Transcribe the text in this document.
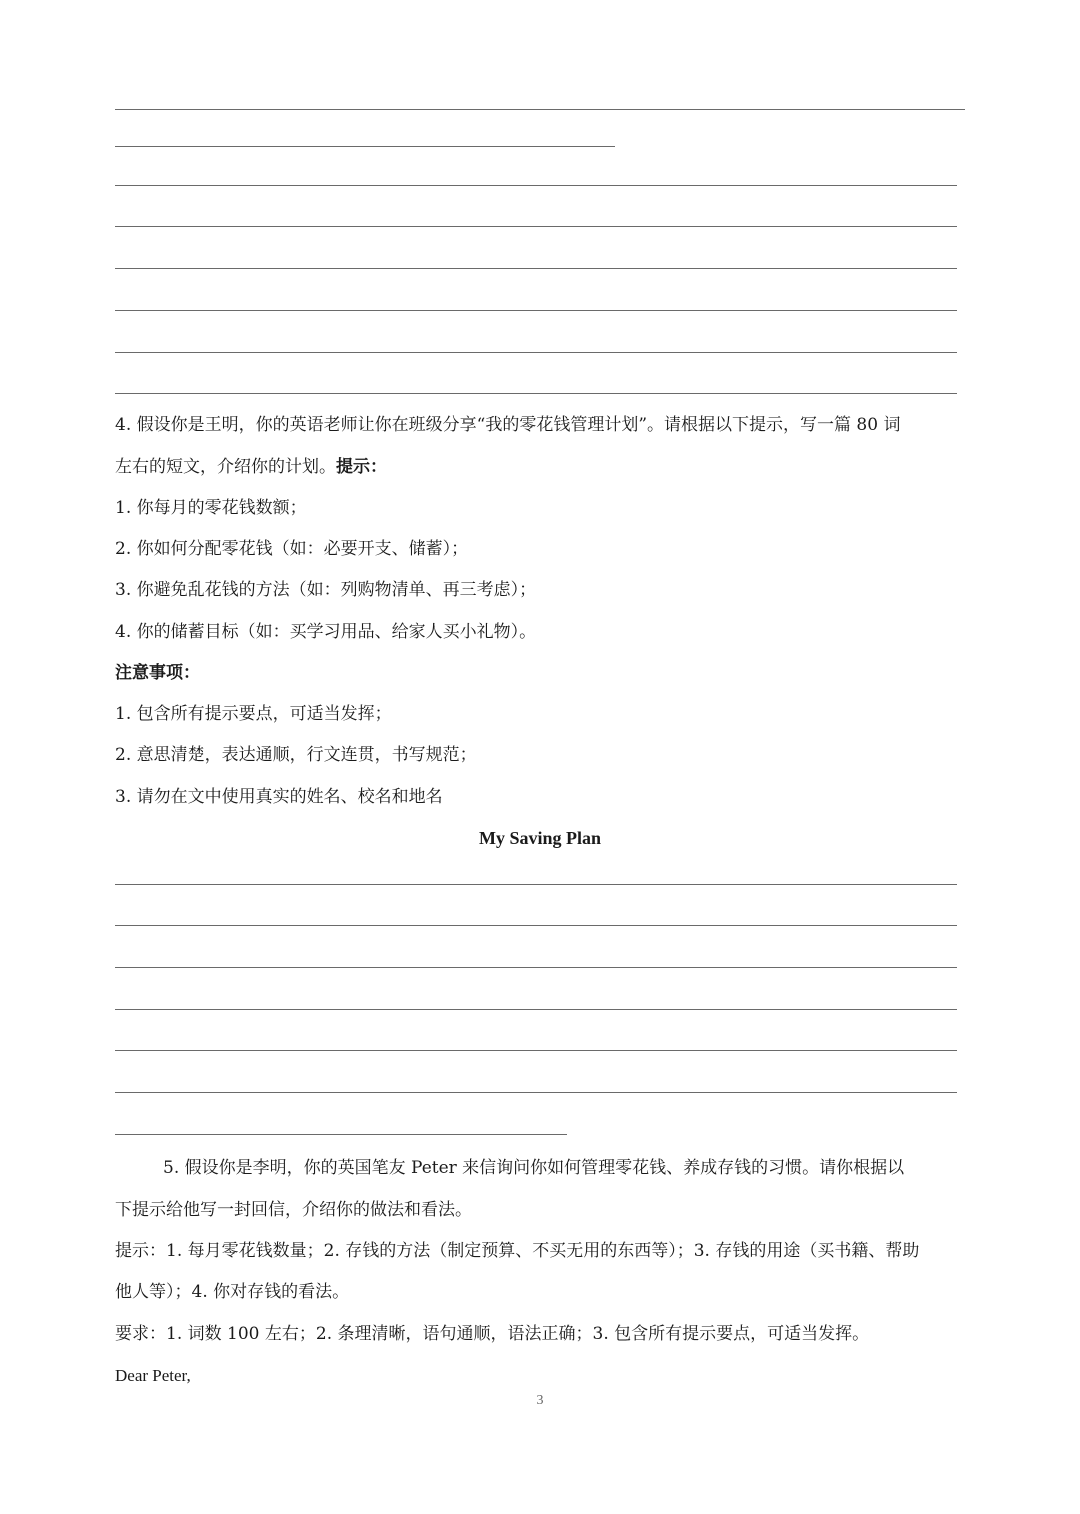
4. 假设你是王明，你的英语老师让你在班级分享“我的零花钱管理计划”。请根据以下提示，写一篇 80 词
左右的短文，介绍你的计划。提示：
1. 你每月的零花钱数额；
2. 你如何分配零花钱（如：必要开支、储蓄）；
3. 你避免乱花钱的方法（如：列购物清单、再三考虑）；
4. 你的储蓄目标（如：买学习用品、给家人买小礼物）。
注意事项：
1. 包含所有提示要点，可适当发挥；
2. 意思清楚，表达通顺，行文连贯，书写规范；
3. 请勿在文中使用真实的姓名、校名和地名
My Saving Plan
5. 假设你是李明，你的英国笔友 Peter 来信询问你如何管理零花钱、养成存钱的习惯。请你根据以
下提示给他写一封回信，介绍你的做法和看法。
提示：1. 每月零花钱数量；2. 存钱的方法（制定预算、不买无用的东西等）；3. 存钱的用途（买书籍、帮助
他人等）；4. 你对存钱的看法。
要求：1. 词数 100 左右；2. 条理清晰，语句通顺，语法正确；3. 包含所有提示要点，可适当发挥。
Dear Peter,
3
